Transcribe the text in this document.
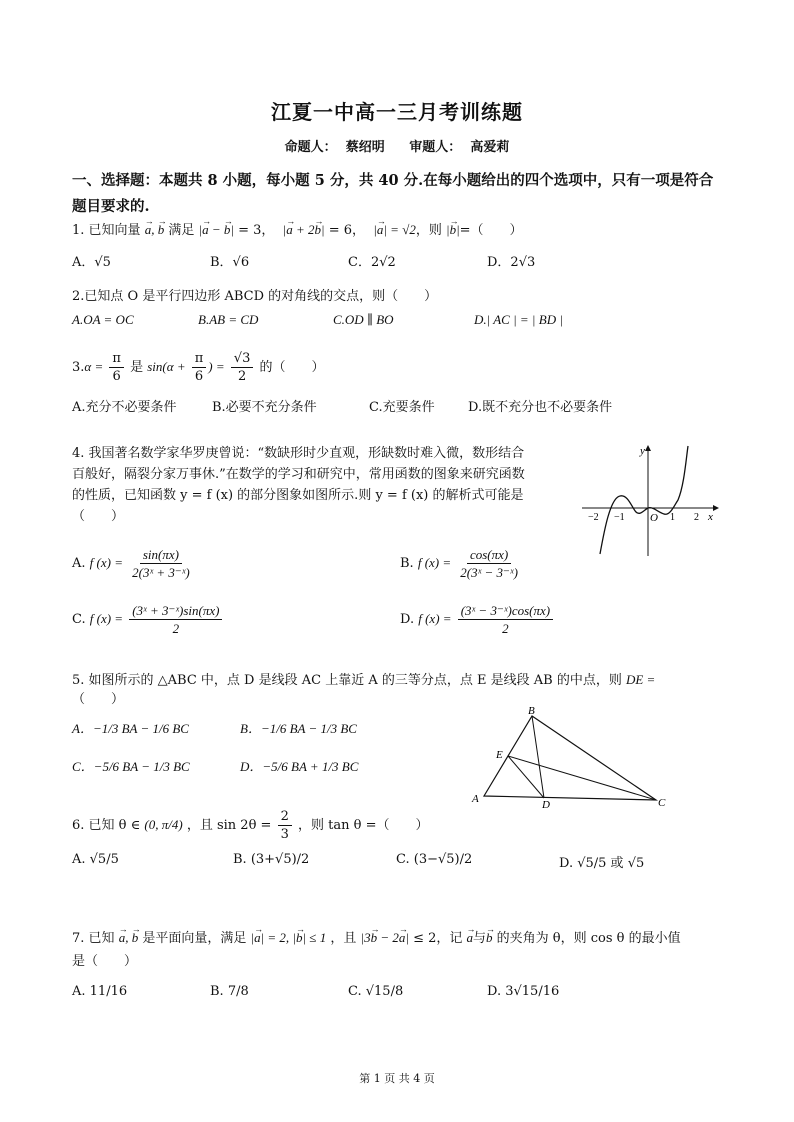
江夏一中高一三月考训练题
命题人： 蔡绍明 审题人： 高爱莉
一、选择题：本题共 8 小题，每小题 5 分，共 40 分.在每小题给出的四个选项中，只有一项是符合题目要求的.
1. 已知向量 → a, → b 满足 |→ a − → b| = 3， |→ a + 2→ b| = 6， |→ a| = √2，则 |→ b|=（　　）
A．√5	B．√6	C．2√2	D．2√3
2.已知点 O 是平行四边形 ABCD 的对角线的交点，则（　　）
A.OA = OC	B.AB = CD	C.OD ∥ BO	D.| AC | = | BD |
$3.\alpha = \frac{\pi}{6}$ 是 $\sin(\alpha + \frac{\pi}{6}$ ) = $\frac{√3}{2}$ 的（　　）
A.充分不必要条件	B.必要不充分条件	C.充要条件	D.既不充分也不必要条件
4. 我国著名数学家华罗庚曾说：“数缺形时少直观，形缺数时难入微，数形结合
百般好，隔裂分家万事休.”在数学的学习和研究中，常用函数的图象来研究函数
的性质，已知函数 y = f (x) 的部分图象如图所示.则 y = f (x) 的解析式可能是
（　　）
y
x
O
−2 −1	1 2
A. f $(x) = \frac{\sin(\pi x)}{\text{2(3ˣ + 3⁻ˣ)}}$	B. f $(x) = \frac{\cos(\pi x)}{\text{2(3ˣ − 3⁻ˣ)}}$
C. f $(x) = \frac{\text{(3ˣ + 3⁻ˣ)sin(πx)}}{2}$	D. f $(x) = \frac{\text{(3ˣ − 3⁻ˣ)cos(πx)}}{2}$
5. 如图所示的 △ABC 中，点 D 是线段 AC 上靠近 A 的三等分点，点 E 是线段 AB 的中点，则 DE =
（　　）
A．−1/3 BA − 1/6 BC	B．−1/6 BA − 1/3 BC
C．−5/6 BA − 1/3 BC	D．−5/6 BA + 1/3 BC
A
B
C
D
E
6. 已知 θ ∈ (0, π/4) ，且 $\sin 2\theta = \frac{2}{3}$ ，则 tan θ =（　　）
A. √5/5	B. (3+√5)/2	C. (3−√5)/2	D. √5/5 或 √5
7. 已知 → a, → b 是平面向量，满足 |→ a| = 2, |→ b| ≤ 1 ，且 |3→ b − 2→ a| ≤ 2，记 → a与→ b 的夹角为 θ，则 cos θ 的最小值
是（　　）
A. 11/16	B. 7/8	C. √15/8	D. 3√15/16
第 1 页 共 4 页
